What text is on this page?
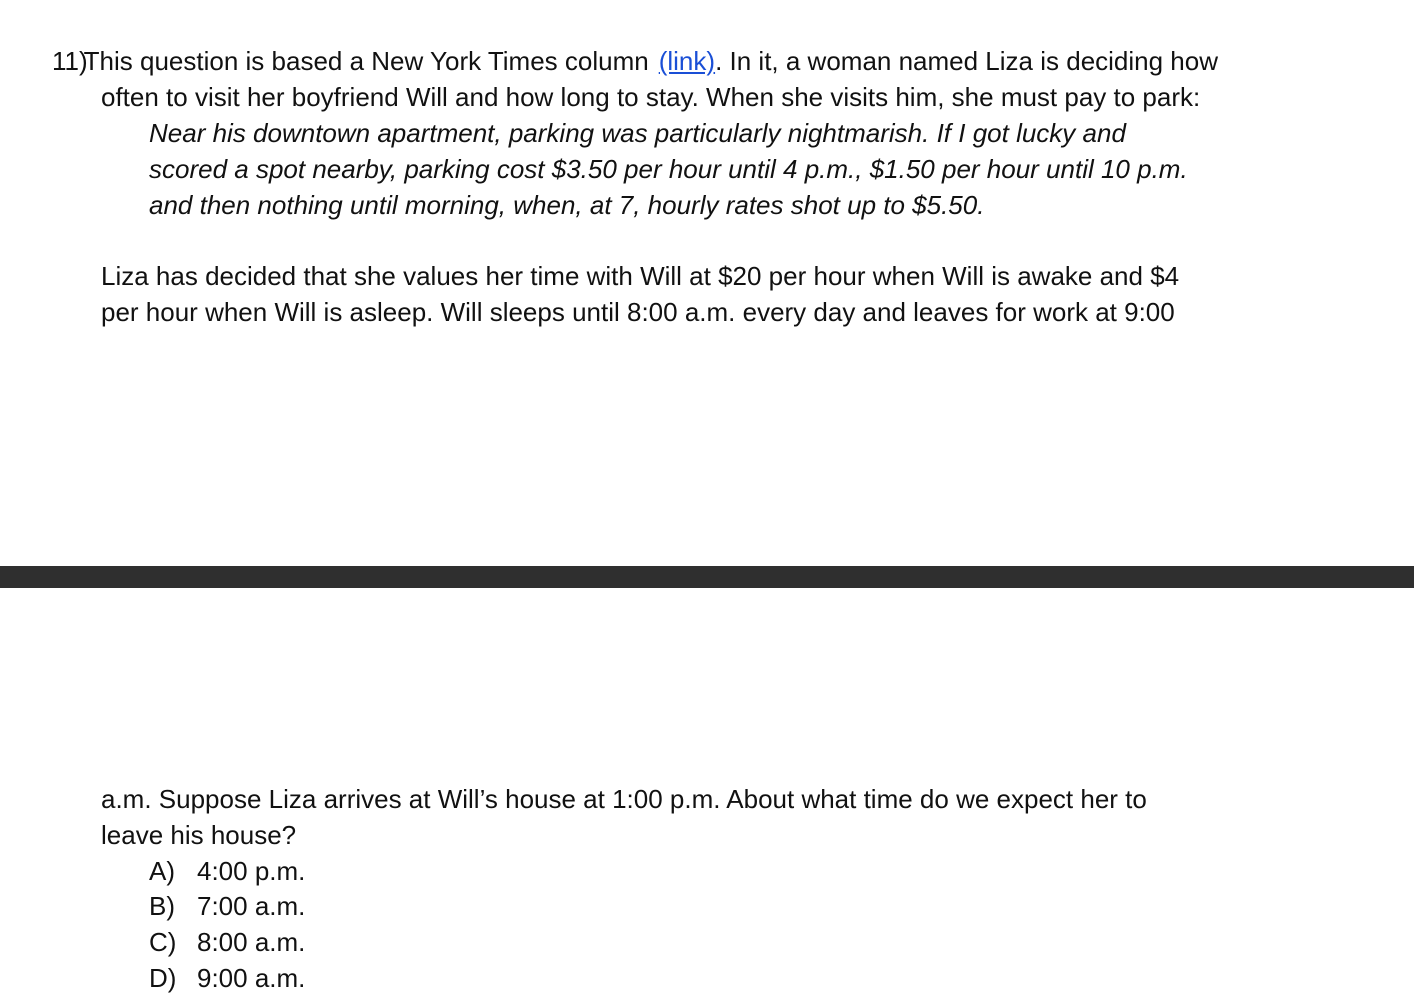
11)
This question is based a New York Times column (link). In it, a woman named Liza is deciding how
often to visit her boyfriend Will and how long to stay. When she visits him, she must pay to park:
Near his downtown apartment, parking was particularly nightmarish. If I got lucky and
scored a spot nearby, parking cost $3.50 per hour until 4 p.m., $1.50 per hour until 10 p.m.
and then nothing until morning, when, at 7, hourly rates shot up to $5.50.
Liza has decided that she values her time with Will at $20 per hour when Will is awake and $4
per hour when Will is asleep. Will sleeps until 8:00 a.m. every day and leaves for work at 9:00
a.m. Suppose Liza arrives at Will’s house at 1:00 p.m. About what time do we expect her to
leave his house?
A) 4:00 p.m.
B) 7:00 a.m.
C) 8:00 a.m.
D) 9:00 a.m.
